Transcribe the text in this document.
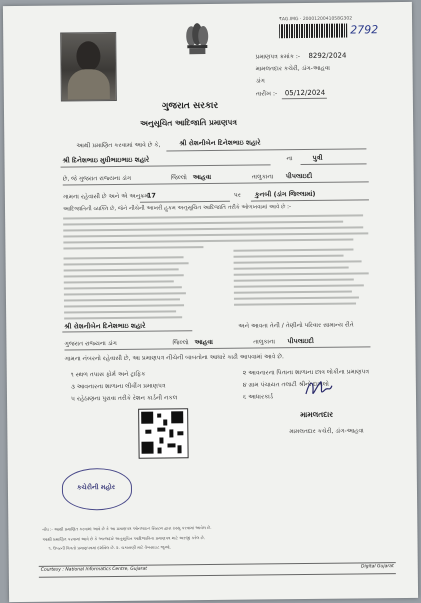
₹AG.IMG · 2000120041058G302
2792
પ્રમાણપત્ર ક્રમાંક :- 8292/2024
મામલતદાર કચેરી, ડાંગ-આહવા
ડાંગ
તારીખ :- 05/12/2024
ગુજરાત સરકાર
અનુસૂચિત આદિજાતિ પ્રમાણપત્ર
આથી પ્રમાણિત કરવામાં આવે છે કે,	શ્રી રોશનીબેન દિનેશભાઇ શહારે
શ્રી દિનેશભાઇ મુધીભાઇભાઇ શહારે	ના	પુત્રી
છે, જે ગુજરાત રાજ્યના ડાંગ	જિલ્લો આહવા	તાલુકાના પીપલાઇદી
ગામના રહેવાસી છે અને એ અનુક્રમ
17	પર કુનબી (ડાંગ જિલ્લામાં)
આદિજાતિની વ્યક્તિ છે, જેને નીચેની આખરી હુકમ અનુસૂચિત આદિજાતિ તરીકે ઓળખવામાં આવે છે :-
શ્રી રોશનીબેન દિનેશભાઇ શહારે	અને આવતા તેની / તેણીનો પરિવાર સામાન્ય રીતે
ગુજરાત રાજ્યના ડાંગ	જિલ્લો આહવા	તાલુકાના પીપલાઇદી
ગામના નંબરનો રહેવાસી છે, આ પ્રમાણપત્ર નીચેની બાબતોના આધારે કાઢી આપવામાં આવે છે.
૧ સ્થળ તપાસ ફોર્મ અને ટ્રાફિક	૨ આવનારના પિતાના શાળાના છાત્ર લોકીના પ્રમાણપત્ર
૩ આવનારના શાળાના લીવીંગ પ્રમાણપત્ર	૪ ગ્રામ પંચાયત તલાટી શ્રીનો દાખલો
૫ રહેઠાણના પુરાવા તરીકે રેશન કાર્ડની નકલ	૬ આધારકાર્ડ
મામલતદાર
મામલતદાર કચેરી, ડાંગ-આહવા
કચેરીની મહોર
નોંધ :- આથી પ્રમાણિત કરવામાં આવે છે કે આ પ્રમાણપત્ર ઓનલાઇન સિસ્ટમ દ્વારા ઇસ્યુ કરવામાં આવેલ છે.
આથી પ્રમાણિત કરવામાં આવે છે કે અરજદારે અનુસૂચિત આદિજાતિના પ્રમાણપત્ર માટે અરજી કરેલ છે.
૧. ઉપરની વિગતો પ્રમાણપત્રમાં દર્શાવેલ છે. ૨. ચકાસણી માટે વેબસાઇટ જુઓ.
Courtesy : National Informatics Centre, Gujarat	Digital Gujarat
